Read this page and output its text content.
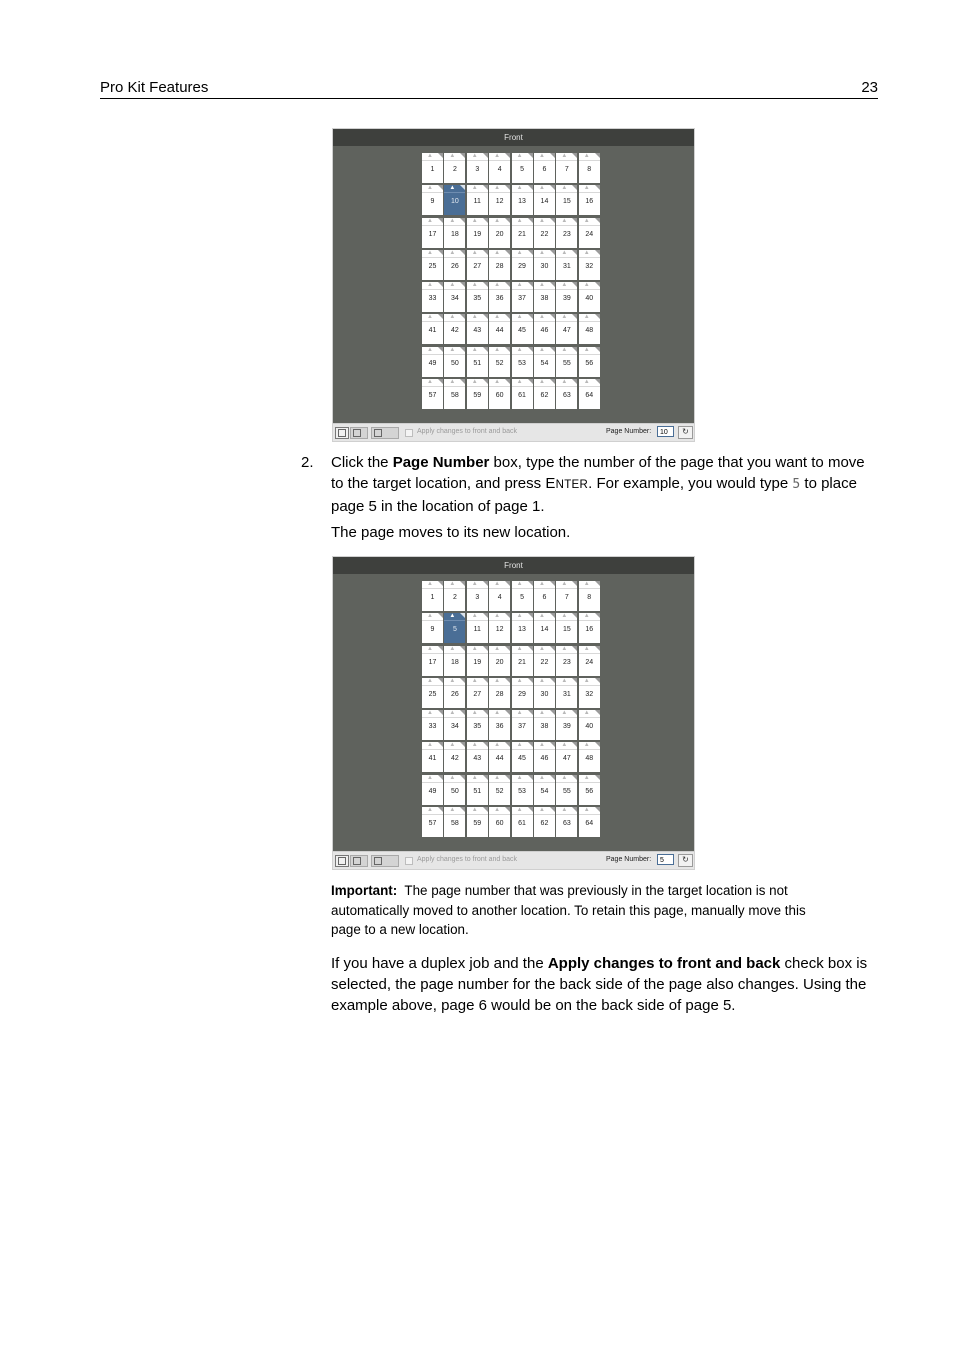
Pro Kit Features	23
Front
▲
1
▲
2
▲
3
▲
4
▲
5
▲
6
▲
7
▲
8
▲
9
▲
10
▲
11
▲
12
▲
13
▲
14
▲
15
▲
16
▲
17
▲
18
▲
19
▲
20
▲
21
▲
22
▲
23
▲
24
▲
25
▲
26
▲
27
▲
28
▲
29
▲
30
▲
31
▲
32
▲
33
▲
34
▲
35
▲
36
▲
37
▲
38
▲
39
▲
40
▲
41
▲
42
▲
43
▲
44
▲
45
▲
46
▲
47
▲
48
▲
49
▲
50
▲
51
▲
52
▲
53
▲
54
▲
55
▲
56
▲
57
▲
58
▲
59
▲
60
▲
61
▲
62
▲
63
▲
64
Apply changes to front and back	Page Number:	10	↻
2. Click the Page Number box, type the number of the page that you want to move to the target location, and press ENTER. For example, you would type 5 to place page 5 in the location of page 1.
The page moves to its new location.
Front
▲
1
▲
2
▲
3
▲
4
▲
5
▲
6
▲
7
▲
8
▲
9
▲
5
▲
11
▲
12
▲
13
▲
14
▲
15
▲
16
▲
17
▲
18
▲
19
▲
20
▲
21
▲
22
▲
23
▲
24
▲
25
▲
26
▲
27
▲
28
▲
29
▲
30
▲
31
▲
32
▲
33
▲
34
▲
35
▲
36
▲
37
▲
38
▲
39
▲
40
▲
41
▲
42
▲
43
▲
44
▲
45
▲
46
▲
47
▲
48
▲
49
▲
50
▲
51
▲
52
▲
53
▲
54
▲
55
▲
56
▲
57
▲
58
▲
59
▲
60
▲
61
▲
62
▲
63
▲
64
Apply changes to front and back	Page Number:	5	↻
Important: The page number that was previously in the target location is not automatically moved to another location. To retain this page, manually move this page to a new location.
If you have a duplex job and the Apply changes to front and back check box is selected, the page number for the back side of the page also changes. Using the example above, page 6 would be on the back side of page 5.
